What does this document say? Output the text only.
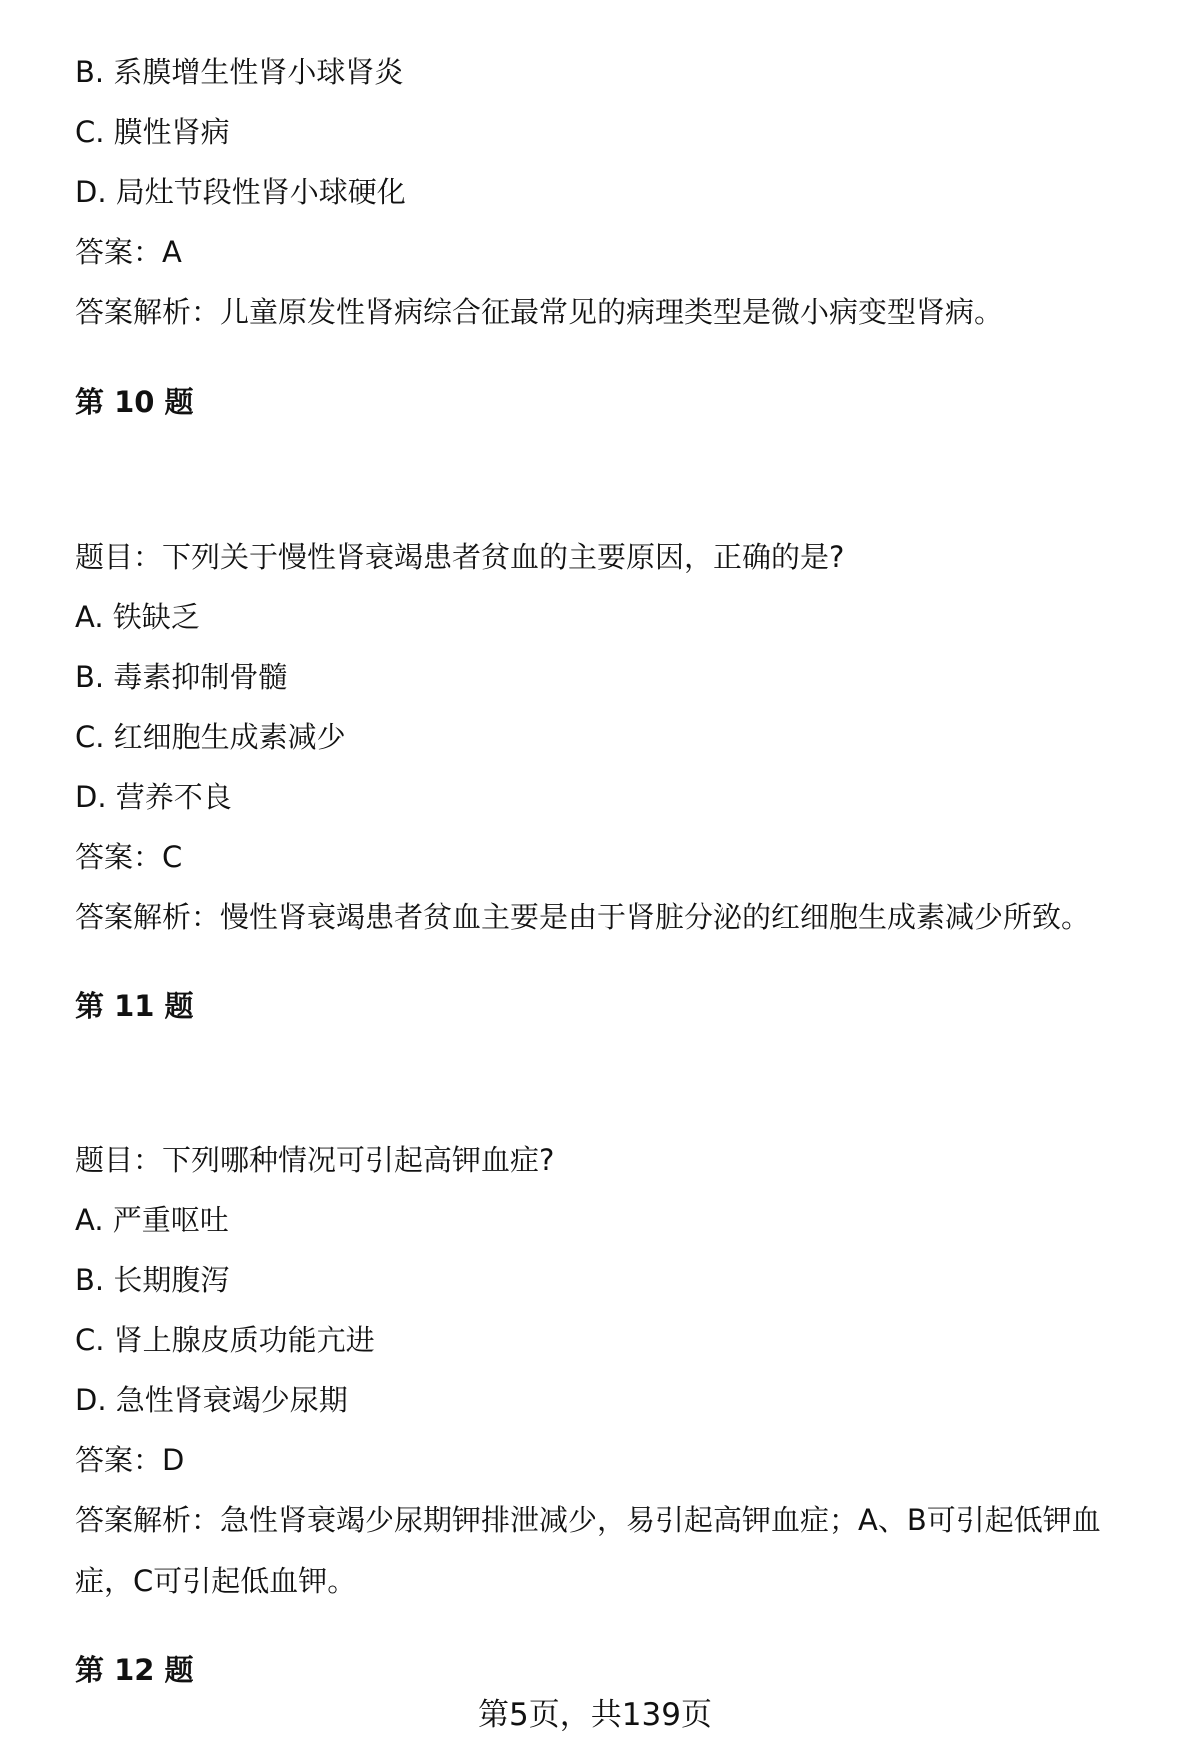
B. 系膜增生性肾小球肾炎
C. 膜性肾病
D. 局灶节段性肾小球硬化
答案：A
答案解析：儿童原发性肾病综合征最常见的病理类型是微小病变型肾病。
第 10 题
题目：下列关于慢性肾衰竭患者贫血的主要原因，正确的是?
A. 铁缺乏
B. 毒素抑制骨髓
C. 红细胞生成素减少
D. 营养不良
答案：C
答案解析：慢性肾衰竭患者贫血主要是由于肾脏分泌的红细胞生成素减少所致。
第 11 题
题目：下列哪种情况可引起高钾血症?
A. 严重呕吐
B. 长期腹泻
C. 肾上腺皮质功能亢进
D. 急性肾衰竭少尿期
答案：D
答案解析：急性肾衰竭少尿期钾排泄减少，易引起高钾血症；A、B可引起低钾血症，C可引起低血钾。
第 12 题
第5页，共139页
